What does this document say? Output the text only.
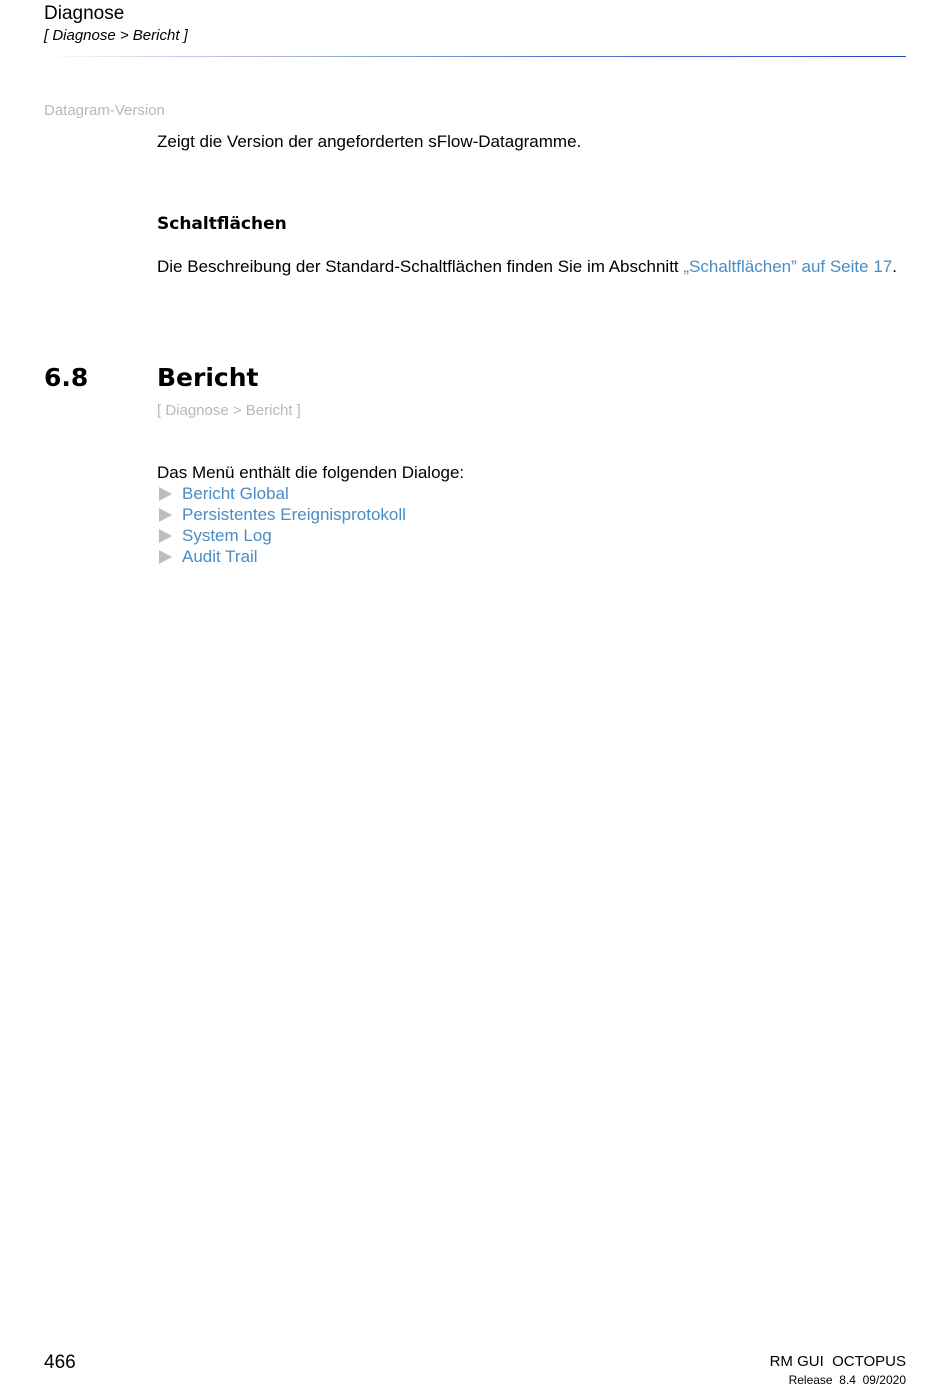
Diagnose
[ Diagnose > Bericht ]
Datagram-Version
Zeigt die Version der angeforderten sFlow-Datagramme.
Schaltflächen
Die Beschreibung der Standard-Schaltflächen finden Sie im Abschnitt „Schaltflächen” auf Seite 17.
6.8	Bericht
[ Diagnose > Bericht ]
Das Menü enthält die folgenden Dialoge:
Bericht Global
Persistentes Ereignisprotokoll
System Log
Audit Trail
466	RM GUI  OCTOPUS
Release  8.4  09/2020
